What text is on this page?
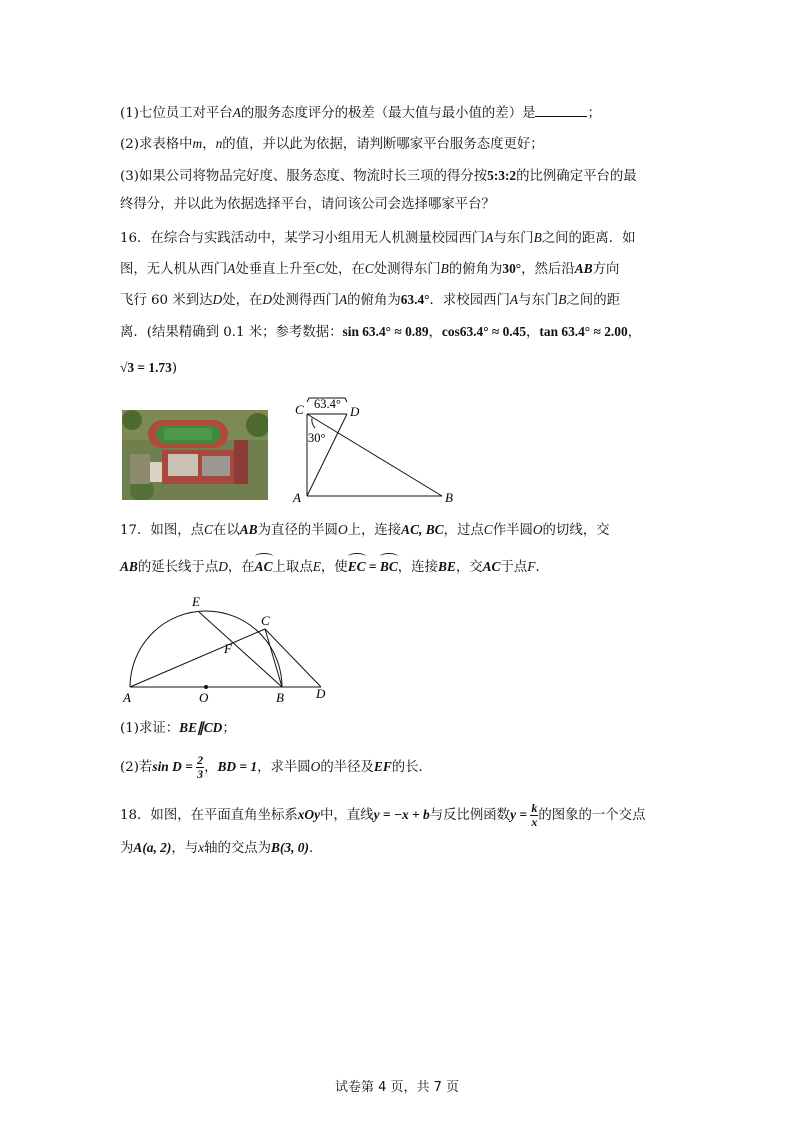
(1)七位员工对平台A的服务态度评分的极差（最大值与最小值的差）是	；
(2)求表格中m，n的值，并以此为依据，请判断哪家平台服务态度更好；
(3)如果公司将物品完好度、服务态度、物流时长三项的得分按5:3:2的比例确定平台的最
终得分，并以此为依据选择平台，请问该公司会选择哪家平台？
16．在综合与实践活动中，某学习小组用无人机测量校园西门A与东门B之间的距离．如
图，无人机从西门A处垂直上升至C处，在C处测得东门B的俯角为30°，然后沿AB方向
飞行 60 米到达D处，在D处测得西门A的俯角为63.4°．求校园西门A与东门B之间的距
离．(结果精确到 0.1 米；参考数据：sin 63.4° ≈ 0.89，cos63.4° ≈ 0.45，tan 63.4° ≈ 2.00，
√3 = 1.73)
C	D
A	B
63.4°
30°
17．如图，点C在以AB为直径的半圆O上，连接AC, BC，过点C作半圆O的切线，交
AB的延长线于点D，在AC上取点E，使EC = BC，连接BE，交AC于点F．
E
C
F
A	O	B D
(1)求证：BE∥CD；
(2)若$\sin D = \frac{2}{3}$ ，BD = 1，求半圆O的半径及EF的长．
18．如图，在平面直角坐标系xOy中，直线y = −x + b与反比例函数$y = \frac{k}{x}$ 的图象的一个交点
为A(a, 2)，与x轴的交点为B(3, 0)．
试卷第 4 页，共 7 页
